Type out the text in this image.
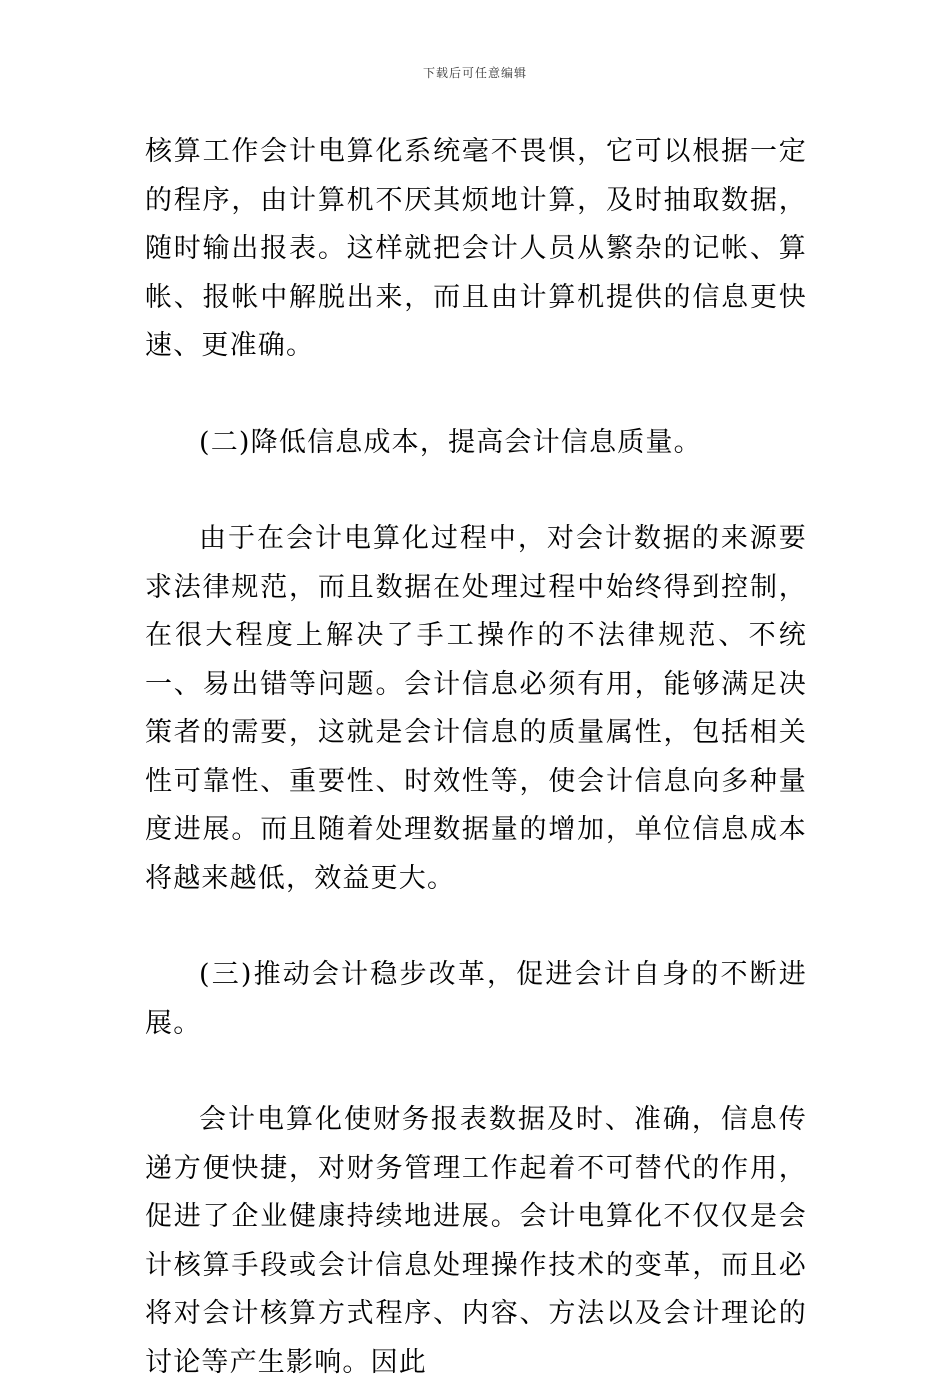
下载后可任意编辑

核算工作会计电算化系统毫不畏惧，它可以根据一定的程序，由计算机不厌其烦地计算，及时抽取数据，随时输出报表。这样就把会计人员从繁杂的记帐、算帐、报帐中解脱出来，而且由计算机提供的信息更快速、更准确。

(二)降低信息成本，提高会计信息质量。

由于在会计电算化过程中，对会计数据的来源要求法律规范，而且数据在处理过程中始终得到控制，在很大程度上解决了手工操作的不法律规范、不统一、易出错等问题。会计信息必须有用，能够满足决策者的需要，这就是会计信息的质量属性，包括相关性可靠性、重要性、时效性等，使会计信息向多种量度进展。而且随着处理数据量的增加，单位信息成本将越来越低，效益更大。

(三)推动会计稳步改革，促进会计自身的不断进展。

会计电算化使财务报表数据及时、准确，信息传递方便快捷，对财务管理工作起着不可替代的作用，促进了企业健康持续地进展。会计电算化不仅仅是会计核算手段或会计信息处理操作技术的变革，而且必将对会计核算方式程序、内容、方法以及会计理论的讨论等产生影响。因此
